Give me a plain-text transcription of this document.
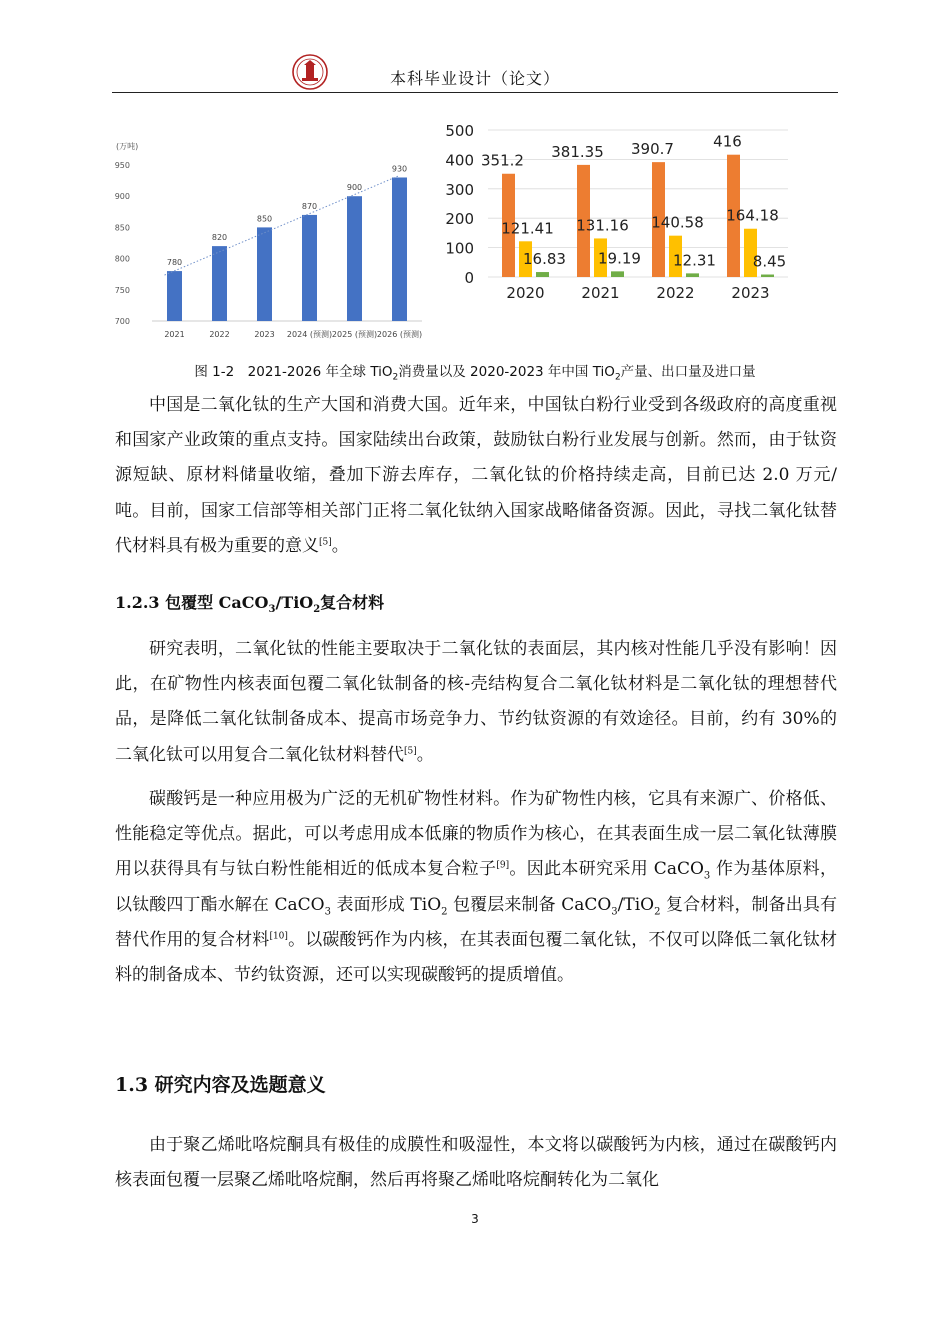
本科毕业设计（论文）
(万吨)
700
750
800
850
900
950
780
2021
820
2022
850
2023
870
2024 (预测)
900
2025 (预测)
930
2026 (预测)
0
100
200
300
400
500
351.2
121.41
16.83
2020
381.35
131.16
19.19
2021
390.7
140.58
12.31
2022
416
164.18
8.45
2023
图 1-2　2021-2026 年全球 TiO$_2$消费量以及 2020-2023 年中国 TiO$_2$产量、出口量及进口量

中国是二氧化钛的生产大国和消费大国。近年来，中国钛白粉行业受到各级政府的高度重视和国家产业政策的重点支持。国家陆续出台政策，鼓励钛白粉行业发展与创新。然而，由于钛资源短缺、原材料储量收缩，叠加下游去库存，二氧化钛的价格持续走高，目前已达 2.0 万元/吨。目前，国家工信部等相关部门正将二氧化钛纳入国家战略储备资源。因此，寻找二氧化钛替代材料具有极为重要的意义[5]。

1.2.3 包覆型 CaCO$_3$/TiO$_2$复合材料

研究表明，二氧化钛的性能主要取决于二氧化钛的表面层，其内核对性能几乎没有影响！因此，在矿物性内核表面包覆二氧化钛制备的核-壳结构复合二氧化钛材料是二氧化钛的理想替代品，是降低二氧化钛制备成本、提高市场竞争力、节约钛资源的有效途径。目前，约有 30%的二氧化钛可以用复合二氧化钛材料替代[5]。

碳酸钙是一种应用极为广泛的无机矿物性材料。作为矿物性内核，它具有来源广、价格低、性能稳定等优点。据此，可以考虑用成本低廉的物质作为核心，在其表面生成一层二氧化钛薄膜用以获得具有与钛白粉性能相近的低成本复合粒子[9]。因此本研究采用 CaCO$_3$ 作为基体原料，以钛酸四丁酯水解在 CaCO$_3$ 表面形成 TiO$_2$ 包覆层来制备 CaCO$_3$/TiO$_2$ 复合材料，制备出具有替代作用的复合材料[10]。以碳酸钙作为内核，在其表面包覆二氧化钛，不仅可以降低二氧化钛材料的制备成本、节约钛资源，还可以实现碳酸钙的提质增值。

1.3 研究内容及选题意义

由于聚乙烯吡咯烷酮具有极佳的成膜性和吸湿性，本文将以碳酸钙为内核，通过在碳酸钙内核表面包覆一层聚乙烯吡咯烷酮，然后再将聚乙烯吡咯烷酮转化为二氧化

3
